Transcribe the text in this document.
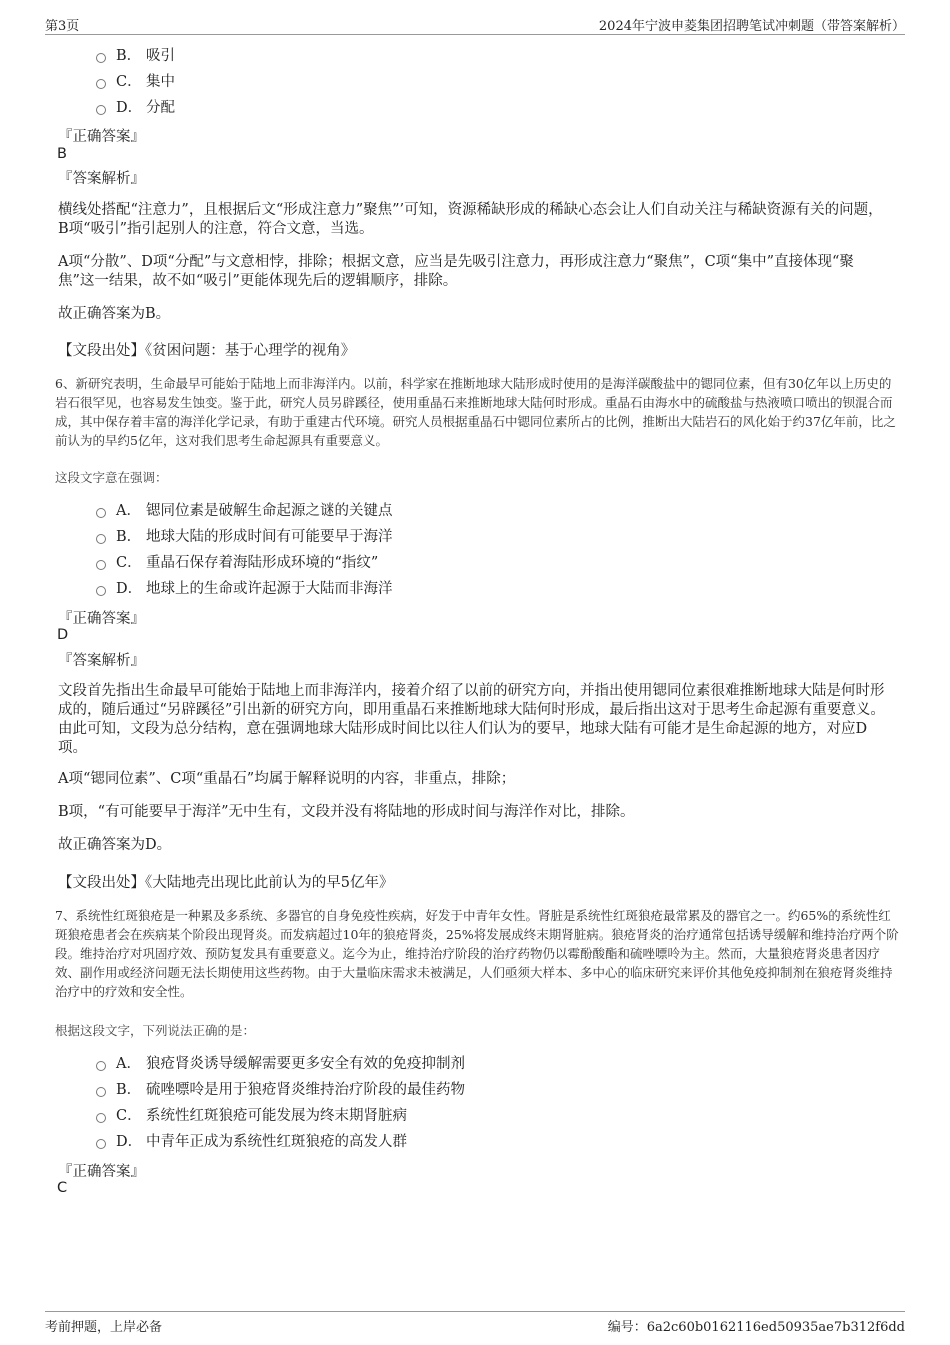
第3页	2024年宁波申菱集团招聘笔试冲刺题（带答案解析）
B． 吸引
C． 集中
D． 分配
『正确答案』
B
『答案解析』
横线处搭配“注意力”，且根据后文“形成注意力”聚焦”’可知，资源稀缺形成的稀缺心态会让人们自动关注与稀缺资源有关的问题，B项“吸引”指引起别人的注意，符合文意，当选。
A项“分散”、D项“分配”与文意相悖，排除；根据文意，应当是先吸引注意力，再形成注意力“聚焦”，C项“集中”直接体现“聚焦”这一结果，故不如“吸引”更能体现先后的逻辑顺序，排除。
故正确答案为B。
【文段出处】《贫困问题：基于心理学的视角》
6、新研究表明，生命最早可能始于陆地上而非海洋内。以前，科学家在推断地球大陆形成时使用的是海洋碳酸盐中的锶同位素，但有30亿年以上历史的岩石很罕见，也容易发生蚀变。鉴于此，研究人员另辟蹊径，使用重晶石来推断地球大陆何时形成。重晶石由海水中的硫酸盐与热液喷口喷出的钡混合而成，其中保存着丰富的海洋化学记录，有助于重建古代环境。研究人员根据重晶石中锶同位素所占的比例，推断出大陆岩石的风化始于约37亿年前，比之前认为的早约5亿年，这对我们思考生命起源具有重要意义。
这段文字意在强调：
A． 锶同位素是破解生命起源之谜的关键点
B． 地球大陆的形成时间有可能要早于海洋
C． 重晶石保存着海陆形成环境的“指纹”
D． 地球上的生命或许起源于大陆而非海洋
『正确答案』
D
『答案解析』
文段首先指出生命最早可能始于陆地上而非海洋内，接着介绍了以前的研究方向，并指出使用锶同位素很难推断地球大陆是何时形成的，随后通过“另辟蹊径”引出新的研究方向，即用重晶石来推断地球大陆何时形成，最后指出这对于思考生命起源有重要意义。由此可知，文段为总分结构，意在强调地球大陆形成时间比以往人们认为的要早，地球大陆有可能才是生命起源的地方，对应D项。
A项“锶同位素”、C项“重晶石”均属于解释说明的内容，非重点，排除；
B项，“有可能要早于海洋”无中生有，文段并没有将陆地的形成时间与海洋作对比，排除。
故正确答案为D。
【文段出处】《大陆地壳出现比此前认为的早5亿年》
7、系统性红斑狼疮是一种累及多系统、多器官的自身免疫性疾病，好发于中青年女性。肾脏是系统性红斑狼疮最常累及的器官之一。约65%的系统性红斑狼疮患者会在疾病某个阶段出现肾炎。而发病超过10年的狼疮肾炎，25%将发展成终末期肾脏病。狼疮肾炎的治疗通常包括诱导缓解和维持治疗两个阶段。维持治疗对巩固疗效、预防复发具有重要意义。迄今为止，维持治疗阶段的治疗药物仍以霉酚酸酯和硫唑嘌呤为主。然而，大量狼疮肾炎患者因疗效、副作用或经济问题无法长期使用这些药物。由于大量临床需求未被满足，人们亟须大样本、多中心的临床研究来评价其他免疫抑制剂在狼疮肾炎维持治疗中的疗效和安全性。
根据这段文字，下列说法正确的是：
A． 狼疮肾炎诱导缓解需要更多安全有效的免疫抑制剂
B． 硫唑嘌呤是用于狼疮肾炎维持治疗阶段的最佳药物
C． 系统性红斑狼疮可能发展为终末期肾脏病
D． 中青年正成为系统性红斑狼疮的高发人群
『正确答案』
C
考前押题，上岸必备	编号：6a2c60b0162116ed50935ae7b312f6dd
